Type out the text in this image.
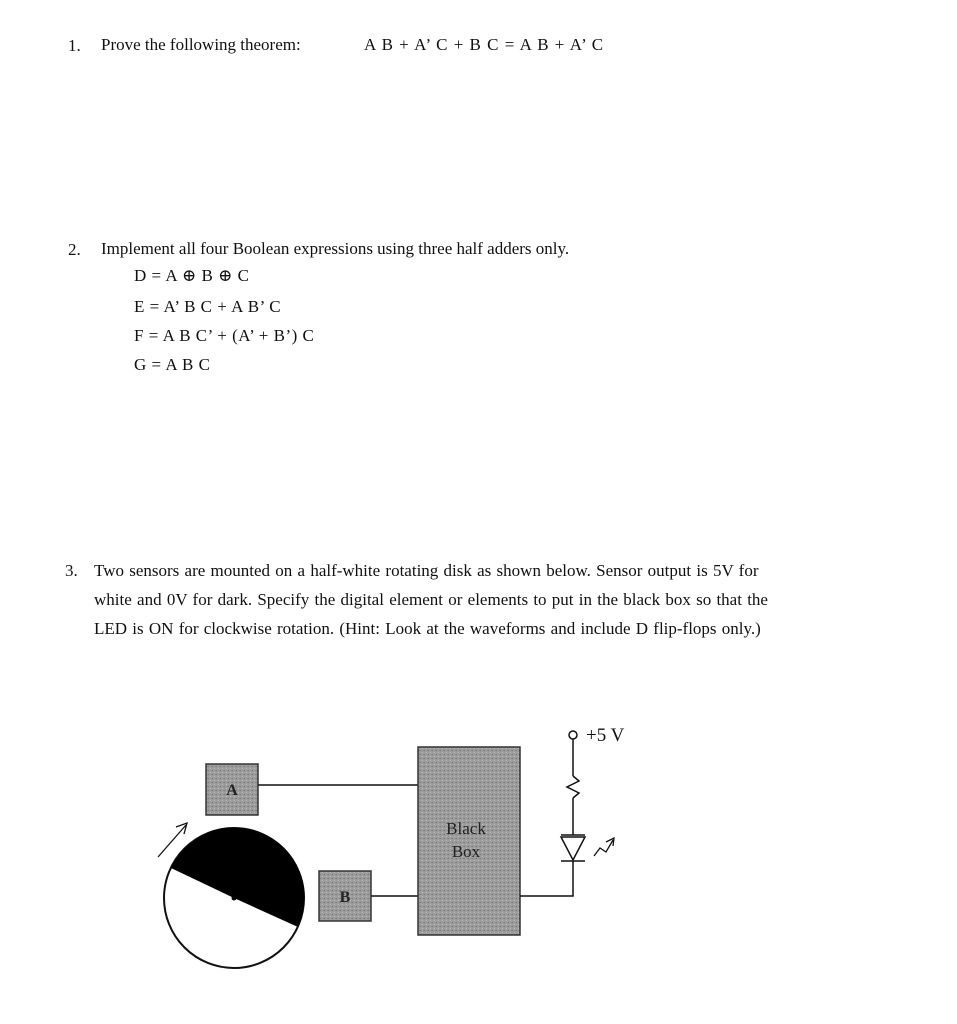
1. Prove the following theorem:	A B + A’ C + B C = A B + A’ C
2. Implement all four Boolean expressions using three half adders only.
D = A ⊕ B ⊕ C
E = A’ B C + A B’ C
F = A B C’ + (A’ + B’) C
G = A B C
3. Two sensors are mounted on a half-white rotating disk as shown below. Sensor output is 5V for
white and 0V for dark. Specify the digital element or elements to put in the black box so that the
LED is ON for clockwise rotation. (Hint: Look at the waveforms and include D flip-flops only.)
A
B
Black
Box
+5 V
